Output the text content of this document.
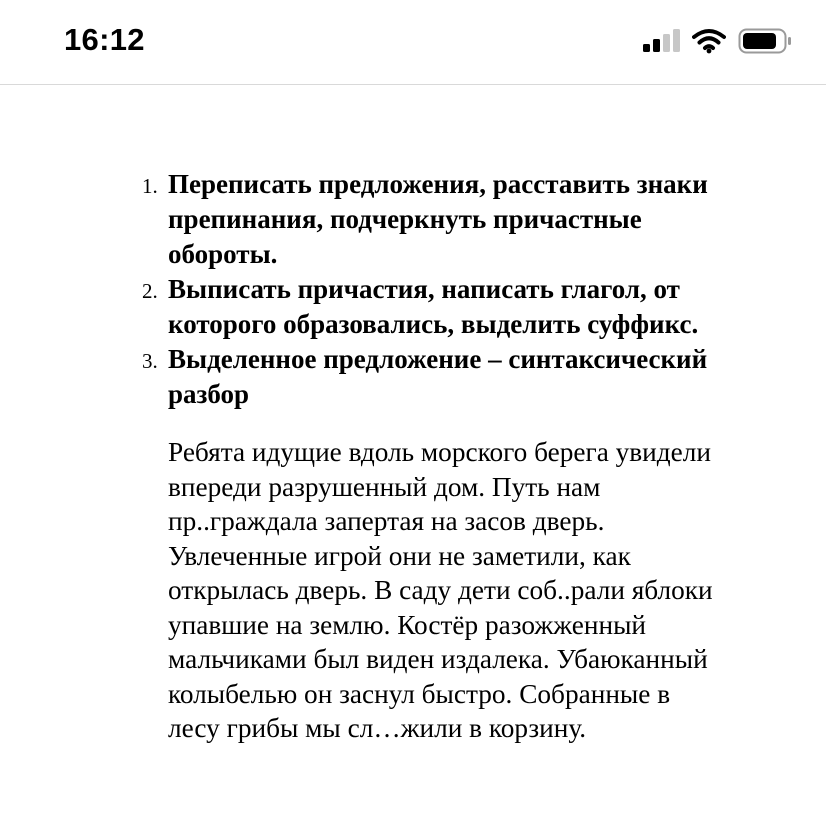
16:12
1. Переписать предложения, расставить знаки
препинания, подчеркнуть причастные
обороты.
2. Выписать причастия, написать глагол, от
которого образовались, выделить суффикс.
3. Выделенное предложение – синтаксический
разбор
Ребята идущие вдоль морского берега увидели
впереди разрушенный дом. Путь нам
пр..граждала запертая на засов дверь.
Увлеченные игрой они не заметили, как
открылась дверь. В саду дети соб..рали яблоки
упавшие на землю. Костёр разожженный
мальчиками был виден издалека. Убаюканный
колыбелью он заснул быстро. Собранные в
лесу грибы мы сл…жили в корзину.
